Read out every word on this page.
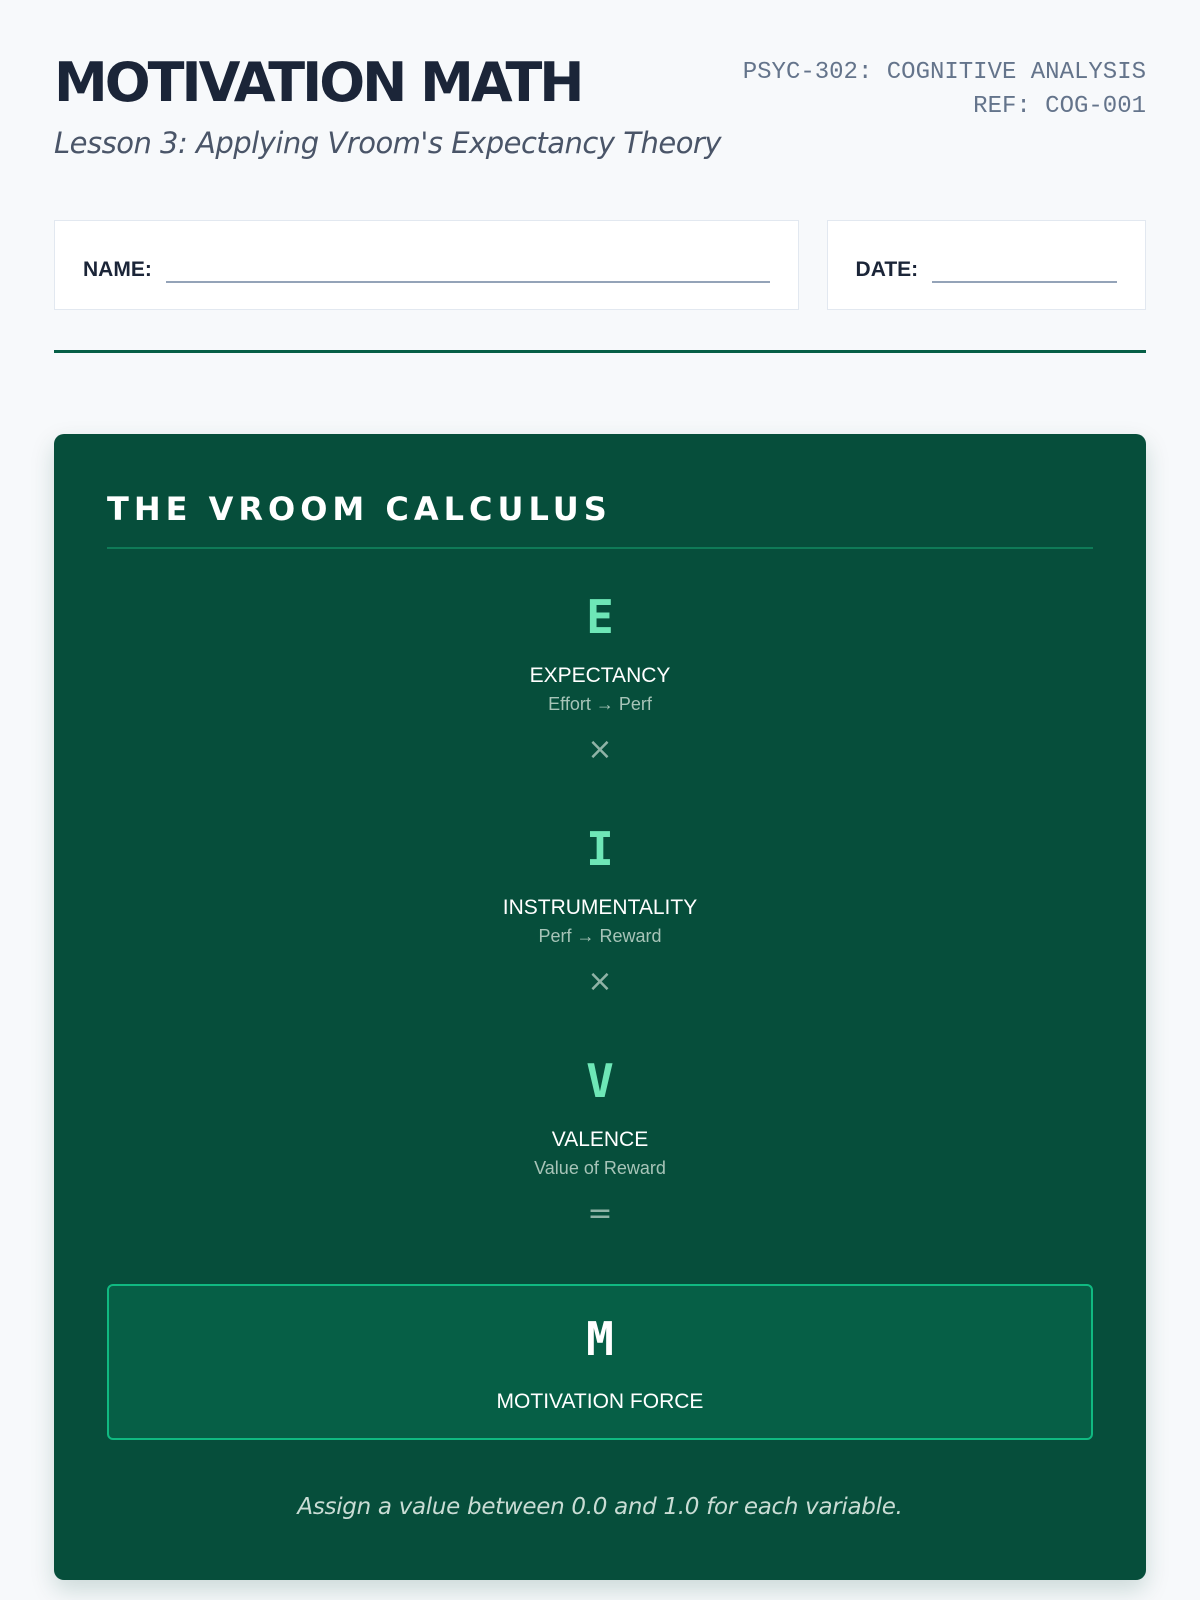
MOTIVATION MATH
Lesson 3: Applying Vroom's Expectancy Theory
PSYC-302: COGNITIVE ANALYSIS
REF: COG-001
NAME:	DATE:
THE VROOM CALCULUS
E
EXPECTANCY
Effort → Perf
×
I
INSTRUMENTALITY
Perf → Reward
×
V
VALENCE
Value of Reward
=
M
MOTIVATION FORCE
Assign a value between 0.0 and 1.0 for each variable.
